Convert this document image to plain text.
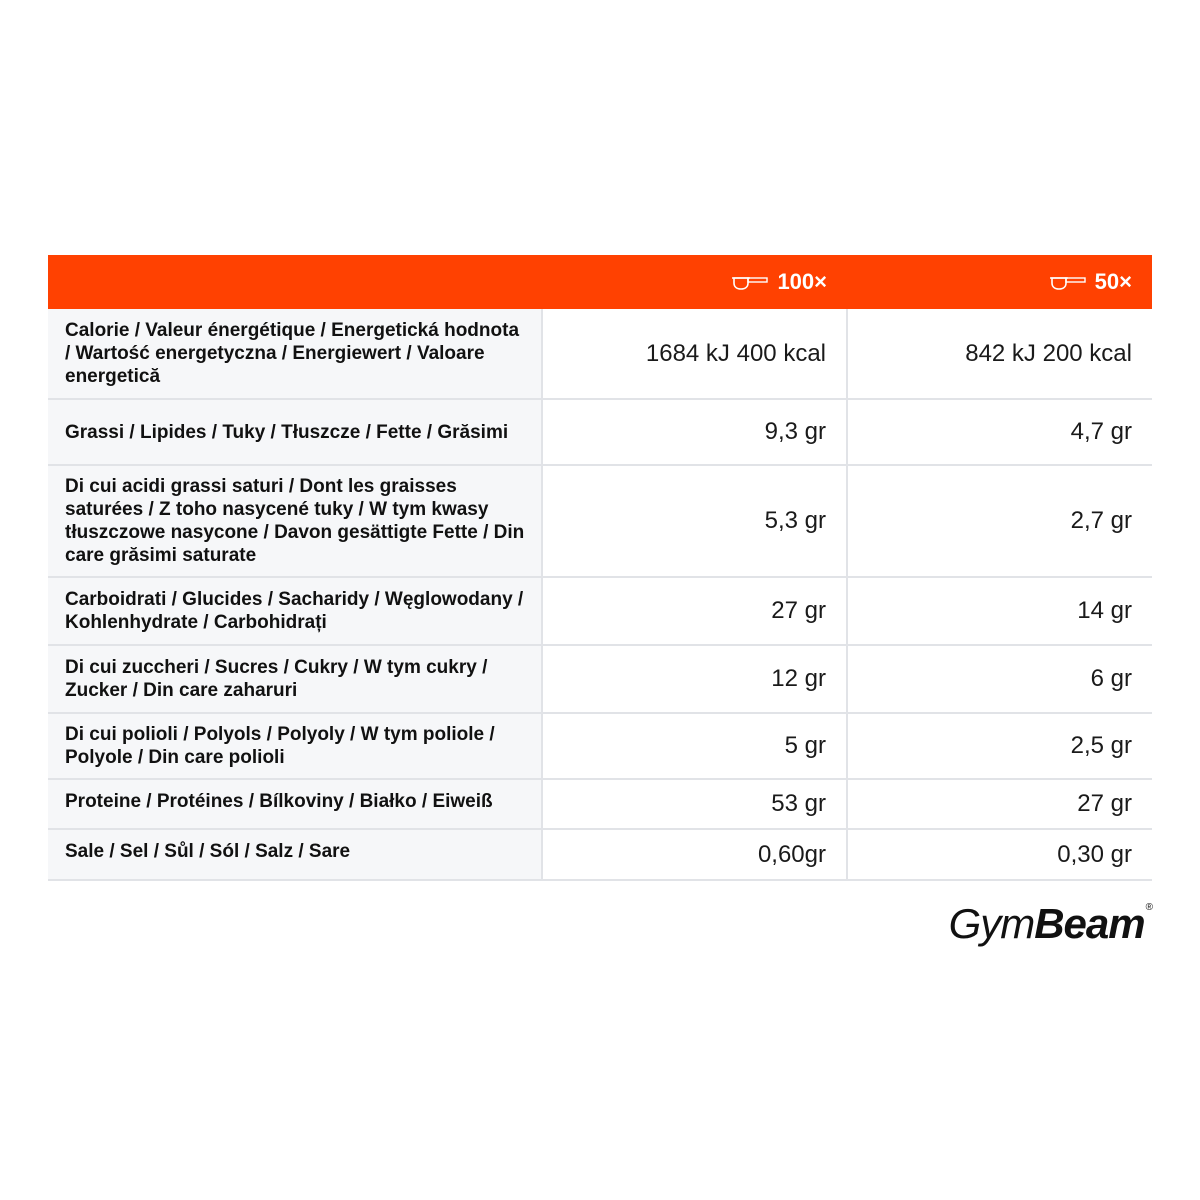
	100×	50×
Calorie / Valeur énergétique / Energetická hodnota / Wartość energetyczna / Energiewert / Valoare energetică	1684 kJ 400 kcal	842 kJ 200 kcal
Grassi / Lipides / Tuky / Tłuszcze / Fette / Grăsimi	9,3 gr	4,7 gr
Di cui acidi grassi saturi / Dont les graisses saturées / Z toho nasycené tuky / W tym kwasy tłuszczowe nasycone / Davon gesättigte Fette / Din care grăsimi saturate	5,3 gr	2,7 gr
Carboidrati / Glucides / Sacharidy / Węglowodany / Kohlenhydrate / Carbohidrați	27 gr	14 gr
Di cui zuccheri / Sucres / Cukry / W tym cukry / Zucker / Din care zaharuri	12 gr	6 gr
Di cui polioli / Polyols / Polyoly / W tym poliole / Polyole / Din care polioli	5 gr	2,5 gr
Proteine / Protéines / Bílkoviny / Białko / Eiweiß	53 gr	27 gr
Sale / Sel / Sůl / Sól / Salz / Sare	0,60gr	0,30 gr
GymBeam®
